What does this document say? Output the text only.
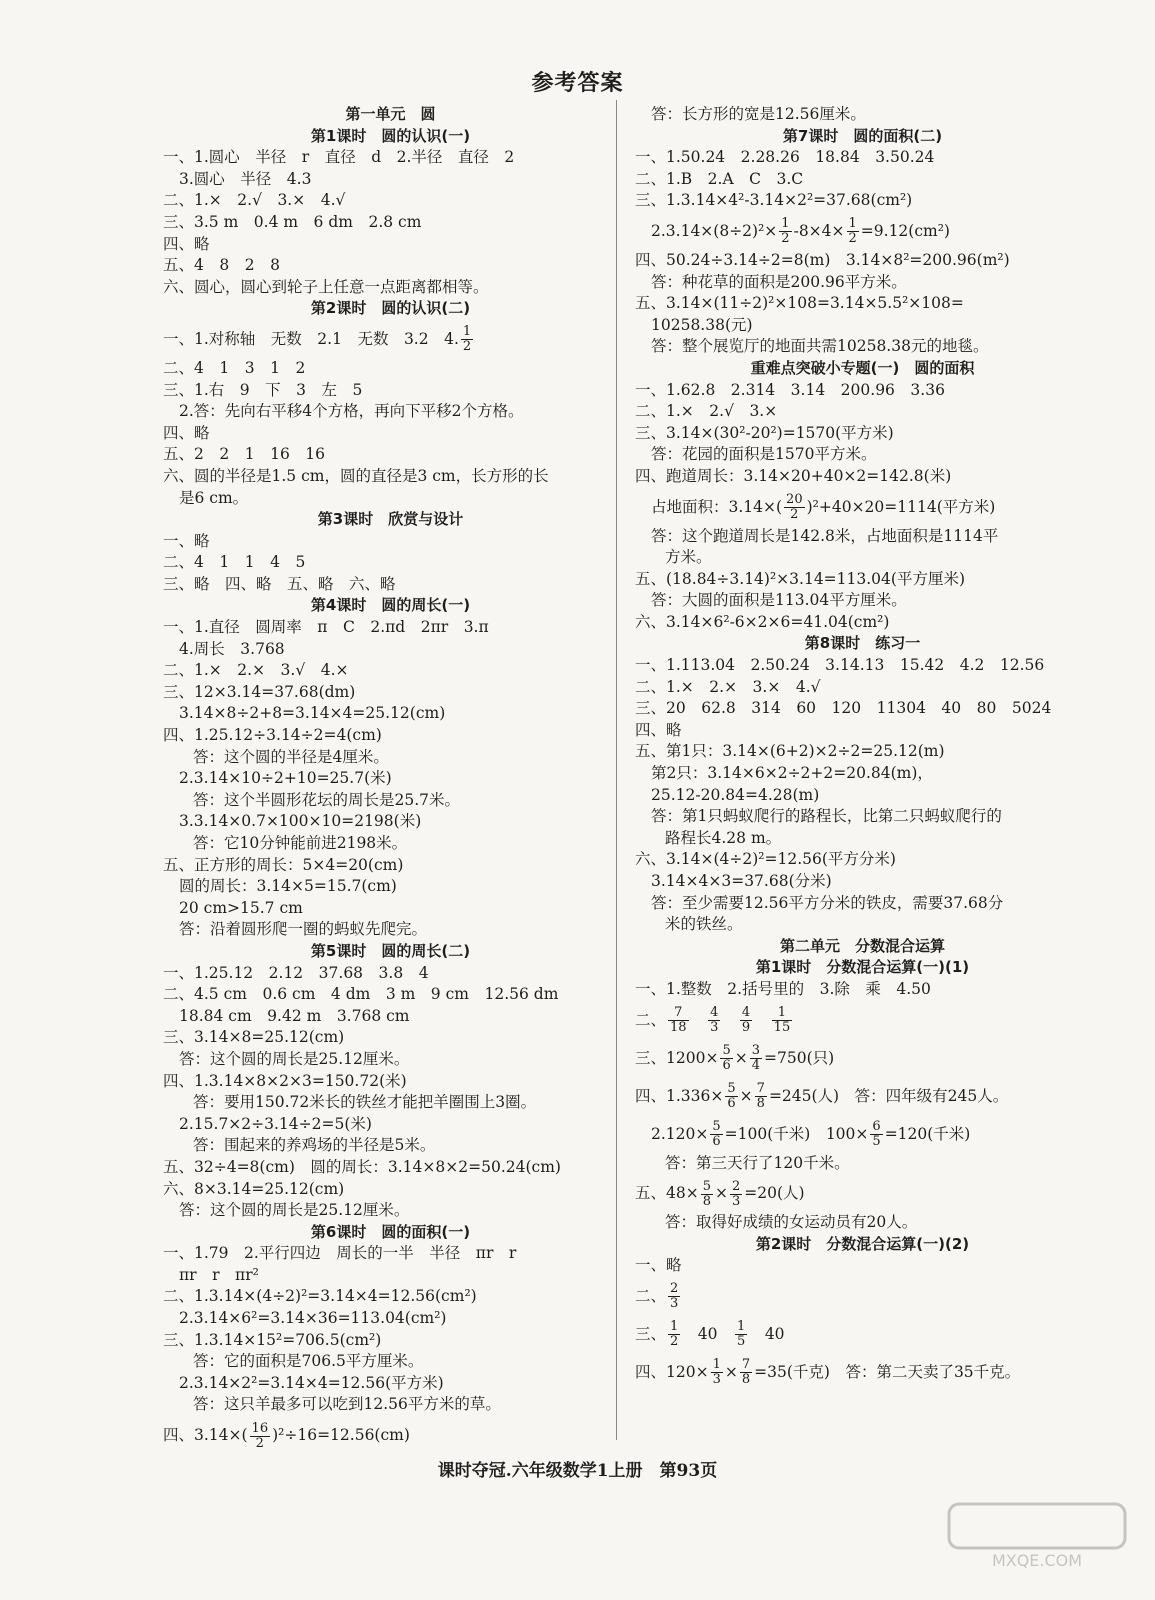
参考答案
第一单元　圆
第1课时　圆的认识(一)
一、1.圆心　半径　r　直径　d　2.半径　直径　2
3.圆心　半径　4.3
二、1.×　2.√　3.×　4.√
三、3.5 m　0.4 m　6 dm　2.8 cm
四、略
五、4　8　2　8
六、圆心，圆心到轮子上任意一点距离都相等。
第2课时　圆的认识(二)
一、1.对称轴　无数　2.1　无数　3.2　4. $\frac{1}{2}$
二、4　1　3　1　2
三、1.右　9　下　3　左　5
2.答：先向右平移4个方格，再向下平移2个方格。
四、略
五、2　2　1　16　16
六、圆的半径是1.5 cm，圆的直径是3 cm，长方形的长
是6 cm。
第3课时　欣赏与设计
一、略
二、4　1　1　4　5
三、略　四、略　五、略　六、略
第4课时　圆的周长(一)
一、1.直径　圆周率　π　C　2.πd　2πr　3.π
4.周长　3.768
二、1.×　2.×　3.√　4.×
三、12×3.14=37.68(dm)
3.14×8÷2+8=3.14×4=25.12(cm)
四、1.25.12÷3.14÷2=4(cm)
答：这个圆的半径是4厘米。
2.3.14×10÷2+10=25.7(米)
答：这个半圆形花坛的周长是25.7米。
3.3.14×0.7×100×10=2198(米)
答：它10分钟能前进2198米。
五、正方形的周长：5×4=20(cm)
圆的周长：3.14×5=15.7(cm)
20 cm>15.7 cm
答：沿着圆形爬一圈的蚂蚁先爬完。
第5课时　圆的周长(二)
一、1.25.12　2.12　37.68　3.8　4
二、4.5 cm　0.6 cm　4 dm　3 m　9 cm　12.56 dm
18.84 cm　9.42 m　3.768 cm
三、3.14×8=25.12(cm)
答：这个圆的周长是25.12厘米。
四、1.3.14×8×2×3=150.72(米)
答：要用150.72米长的铁丝才能把羊圈围上3圈。
2.15.7×2÷3.14÷2=5(米)
答：围起来的养鸡场的半径是5米。
五、32÷4=8(cm)　圆的周长：3.14×8×2=50.24(cm)
六、8×3.14=25.12(cm)
答：这个圆的周长是25.12厘米。
第6课时　圆的面积(一)
一、1.79　2.平行四边　周长的一半　半径　πr　r
πr　r　πr²
二、1.3.14×(4÷2)²=3.14×4=12.56(cm²)
2.3.14×6²=3.14×36=113.04(cm²)
三、1.3.14×15²=706.5(cm²)
答：它的面积是706.5平方厘米。
2.3.14×2²=3.14×4=12.56(平方米)
答：这只羊最多可以吃到12.56平方米的草。
四、$3.14\times( \frac{16}{2} )^2\div 16=12.56(cm)$
答：长方形的宽是12.56厘米。
第7课时　圆的面积(二)
一、1.50.24　2.28.26　18.84　3.50.24
二、1.B　2.A　C　3.C
三、1.3.14×4²-3.14×2²=37.68(cm²)
$2.3.14\times(8\div 2)^2\times \frac{1}{2} -8\times 4\times \frac{1}{2} =9.12(cm^2)$
四、50.24÷3.14÷2=8(m)　3.14×8²=200.96(m²)
答：种花草的面积是200.96平方米。
五、3.14×(11÷2)²×108=3.14×5.5²×108=
10258.38(元)
答：整个展览厅的地面共需10258.38元的地毯。
重难点突破小专题(一)　圆的面积
一、1.62.8　2.314　3.14　200.96　3.36
二、1.×　2.√　3.×
三、3.14×(30²-20²)=1570(平方米)
答：花园的面积是1570平方米。
四、跑道周长：3.14×20+40×2=142.8(米)
占地面积：$3.14\times( \frac{20}{2} )^2+40\times 20=1114$(平方米)
答：这个跑道周长是142.8米，占地面积是1114平
方米。
五、(18.84÷3.14)²×3.14=113.04(平方厘米)
答：大圆的面积是113.04平方厘米。
六、3.14×6²-6×2×6=41.04(cm²)
第8课时　练习一
一、1.113.04　2.50.24　3.14.13　15.42　4.2　12.56
二、1.×　2.×　3.×　4.√
三、20　62.8　314　60　120　11304　40　80　5024
四、略
五、第1只：3.14×(6+2)×2÷2=25.12(m)
第2只：3.14×6×2÷2+2=20.84(m)，
25.12-20.84=4.28(m)
答：第1只蚂蚁爬行的路程长，比第二只蚂蚁爬行的
路程长4.28 m。
六、3.14×(4÷2)²=12.56(平方分米)
3.14×4×3=37.68(分米)
答：至少需要12.56平方分米的铁皮，需要37.68分
米的铁丝。
第二单元　分数混合运算
第1课时　分数混合运算(一)(1)
一、1.整数　2.括号里的　3.除　乘　4.50
二、 $\frac{7}{18}$
　 $\frac{4}{3}$
　 $\frac{4}{9}$
　 $\frac{1}{15}$
三、$1200\times \frac{5}{6} \times \frac{3}{4} =750$(只)
四、$1.336\times \frac{5}{6} \times \frac{7}{8} =245$(人)　答：四年级有245人。
$2.120\times \frac{5}{6} =100$(千米)　$100\times \frac{6}{5} =120$(千米)
答：第三天行了120千米。
五、$48\times \frac{5}{8} \times \frac{2}{3} =20$(人)
答：取得好成绩的女运动员有20人。
第2课时　分数混合运算(一)(2)
一、略
二、 $\frac{2}{3}$
三、 $\frac{1}{2}$ 　40　 $\frac{1}{5}$ 　40
四、$120\times \frac{1}{3} \times \frac{7}{8} =35$(千克)　答：第二天卖了35千克。
课时夺冠.六年级数学1上册　第93页
MXQE.COM
